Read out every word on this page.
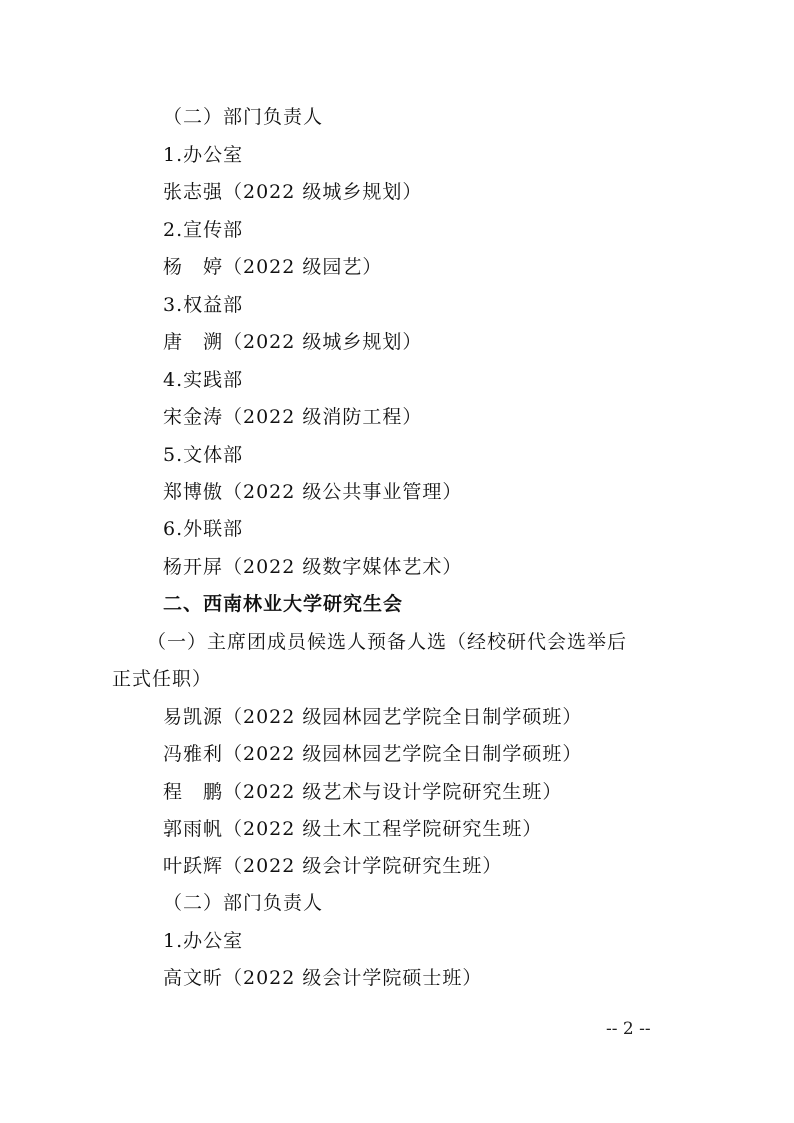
（二）部门负责人
1.办公室
张志强（2022 级城乡规划）
2.宣传部
杨　婷（2022 级园艺）
3.权益部
唐　溯（2022 级城乡规划）
4.实践部
宋金涛（2022 级消防工程）
5.文体部
郑博傲（2022 级公共事业管理）
6.外联部
杨开屏（2022 级数字媒体艺术）
二、西南林业大学研究生会
（一）主席团成员候选人预备人选（经校研代会选举后
正式任职）
易凯源（2022 级园林园艺学院全日制学硕班）
冯雅利（2022 级园林园艺学院全日制学硕班）
程　鹏（2022 级艺术与设计学院研究生班）
郭雨帆（2022 级土木工程学院研究生班）
叶跃辉（2022 级会计学院研究生班）
（二）部门负责人
1.办公室
高文昕（2022 级会计学院硕士班）
-- 2 --
